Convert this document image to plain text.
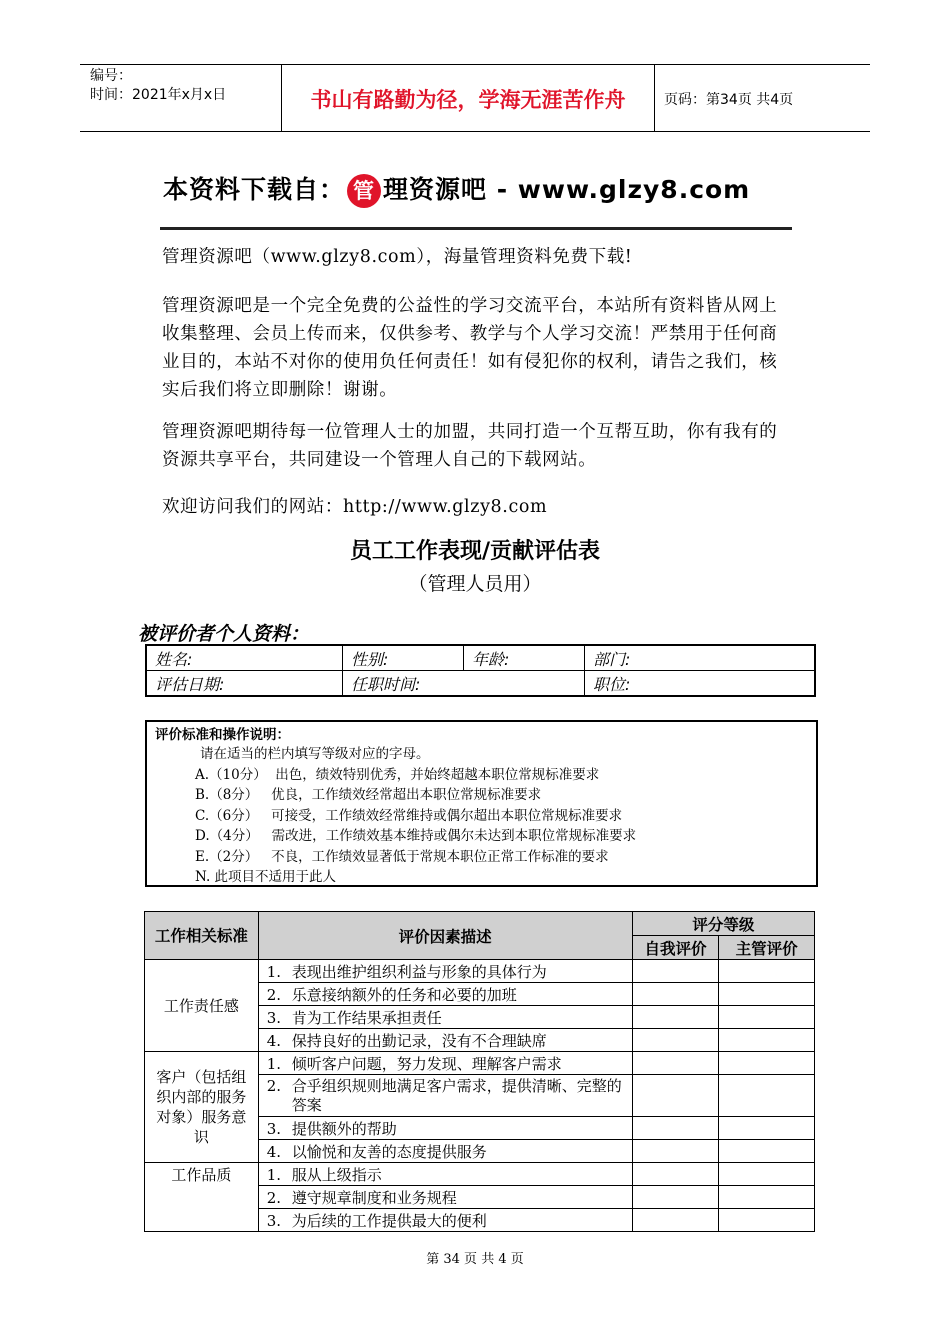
编号：
时间：2021年x月x日	书山有路勤为径，学海无涯苦作舟	页码：第34页 共4页
本资料下载自： 管 理资源吧 - www.glzy8.com
管理资源吧（www.glzy8.com），海量管理资料免费下载!
管理资源吧是一个完全免费的公益性的学习交流平台，本站所有资料皆从网上收集整理、会员上传而来，仅供参考、教学与个人学习交流！严禁用于任何商业目的，本站不对你的使用负任何责任！如有侵犯你的权利，请告之我们，核实后我们将立即删除！谢谢。
管理资源吧期待每一位管理人士的加盟，共同打造一个互帮互助，你有我有的资源共享平台，共同建设一个管理人自己的下载网站。
欢迎访问我们的网站：http://www.glzy8.com
员工工作表现/贡献评估表
（管理人员用）
被评价者个人资料：
姓名:	性别:	年龄:	部门:
评估日期:	任职时间:		职位:
评价标准和操作说明：
请在适当的栏内填写等级对应的字母。
A.（10分）  出色，绩效特别优秀，并始终超越本职位常规标准要求
B.（8分）   优良，工作绩效经常超出本职位常规标准要求
C.（6分）   可接受，工作绩效经常维持或偶尔超出本职位常规标准要求
D.（4分）   需改进，工作绩效基本维持或偶尔未达到本职位常规标准要求
E.（2分）   不良，工作绩效显著低于常规本职位正常工作标准的要求
N. 此项目不适用于此人
工作相关标准	评价因素描述	评分等级	
		自我评价	主管评价
工作责任感	1. 表现出维护组织利益与形象的具体行为		
	2. 乐意接纳额外的任务和必要的加班		
	3. 肯为工作结果承担责任		
	4. 保持良好的出勤记录，没有不合理缺席		
客户（包括组织内部的服务对象）服务意识	1. 倾听客户问题，努力发现、理解客户需求		

	2. 合乎组织规则地满足客户需求，提供清晰、完整的答案		

	3. 提供额外的帮助		
	4. 以愉悦和友善的态度提供服务		
工作品质	1. 服从上级指示		
	2. 遵守规章制度和业务规程		
	3. 为后续的工作提供最大的便利		
第 34 页 共 4 页
